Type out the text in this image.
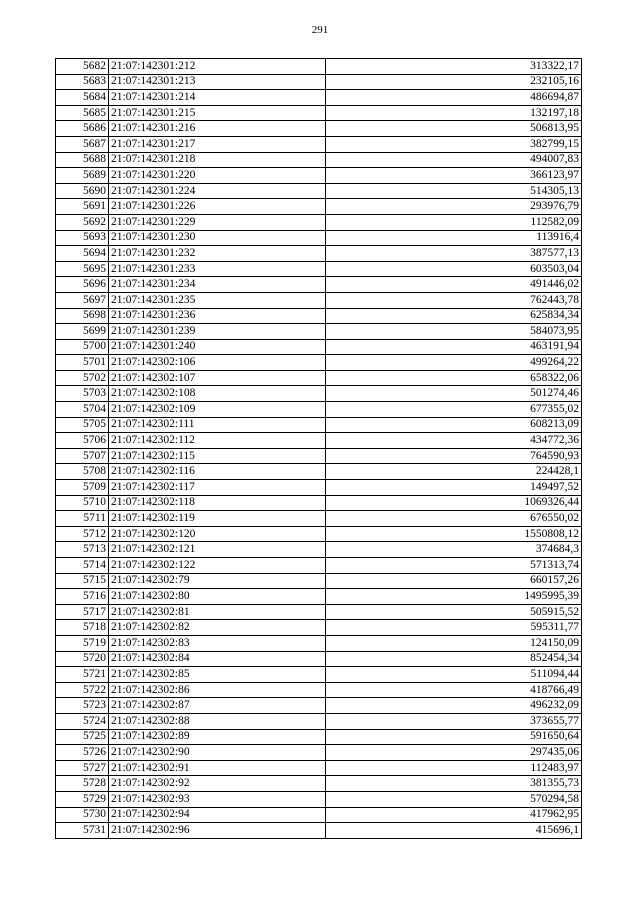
291
5682	21:07:142301:212	313322,17
5683	21:07:142301:213	232105,16
5684	21:07:142301:214	486694,87
5685	21:07:142301:215	132197,18
5686	21:07:142301:216	506813,95
5687	21:07:142301:217	382799,15
5688	21:07:142301:218	494007,83
5689	21:07:142301:220	366123,97
5690	21:07:142301:224	514305,13
5691	21:07:142301:226	293976,79
5692	21:07:142301:229	112582,09
5693	21:07:142301:230	113916,4
5694	21:07:142301:232	387577,13
5695	21:07:142301:233	603503,04
5696	21:07:142301:234	491446,02
5697	21:07:142301:235	762443,78
5698	21:07:142301:236	625834,34
5699	21:07:142301:239	584073,95
5700	21:07:142301:240	463191,94
5701	21:07:142302:106	499264,22
5702	21:07:142302:107	658322,06
5703	21:07:142302:108	501274,46
5704	21:07:142302:109	677355,02
5705	21:07:142302:111	608213,09
5706	21:07:142302:112	434772,36
5707	21:07:142302:115	764590,93
5708	21:07:142302:116	224428,1
5709	21:07:142302:117	149497,52
5710	21:07:142302:118	1069326,44
5711	21:07:142302:119	676550,02
5712	21:07:142302:120	1550808,12
5713	21:07:142302:121	374684,3
5714	21:07:142302:122	571313,74
5715	21:07:142302:79	660157,26
5716	21:07:142302:80	1495995,39
5717	21:07:142302:81	505915,52
5718	21:07:142302:82	595311,77
5719	21:07:142302:83	124150,09
5720	21:07:142302:84	852454,34
5721	21:07:142302:85	511094,44
5722	21:07:142302:86	418766,49
5723	21:07:142302:87	496232,09
5724	21:07:142302:88	373655,77
5725	21:07:142302:89	591650,64
5726	21:07:142302:90	297435,06
5727	21:07:142302:91	112483,97
5728	21:07:142302:92	381355,73
5729	21:07:142302:93	570294,58
5730	21:07:142302:94	417962,95
5731	21:07:142302:96	415696,1
